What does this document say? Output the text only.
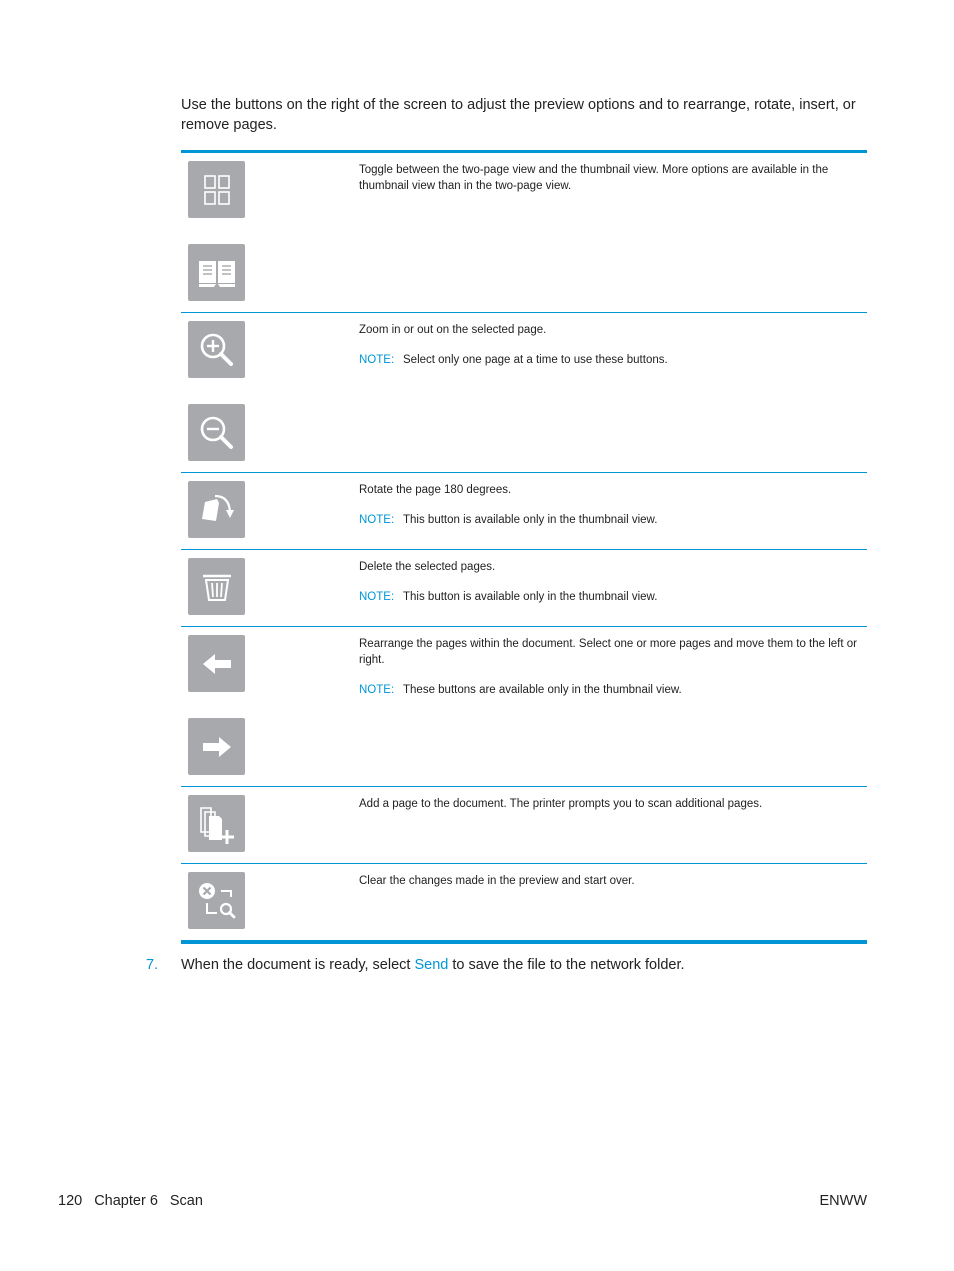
Use the buttons on the right of the screen to adjust the preview options and to rearrange, rotate, insert, or remove pages.

Toggle between the two-page view and the thumbnail view. More options are available in the thumbnail view than in the two-page view.

Zoom in or out on the selected page.

NOTE: Select only one page at a time to use these buttons.

Rotate the page 180 degrees.

NOTE: This button is available only in the thumbnail view.

Delete the selected pages.

NOTE: This button is available only in the thumbnail view.

Rearrange the pages within the document. Select one or more pages and move them to the left or right.

NOTE: These buttons are available only in the thumbnail view.

Add a page to the document. The printer prompts you to scan additional pages.

Clear the changes made in the preview and start over.

7. When the document is ready, select Send to save the file to the network folder.
120 Chapter 6 Scan	ENWW
